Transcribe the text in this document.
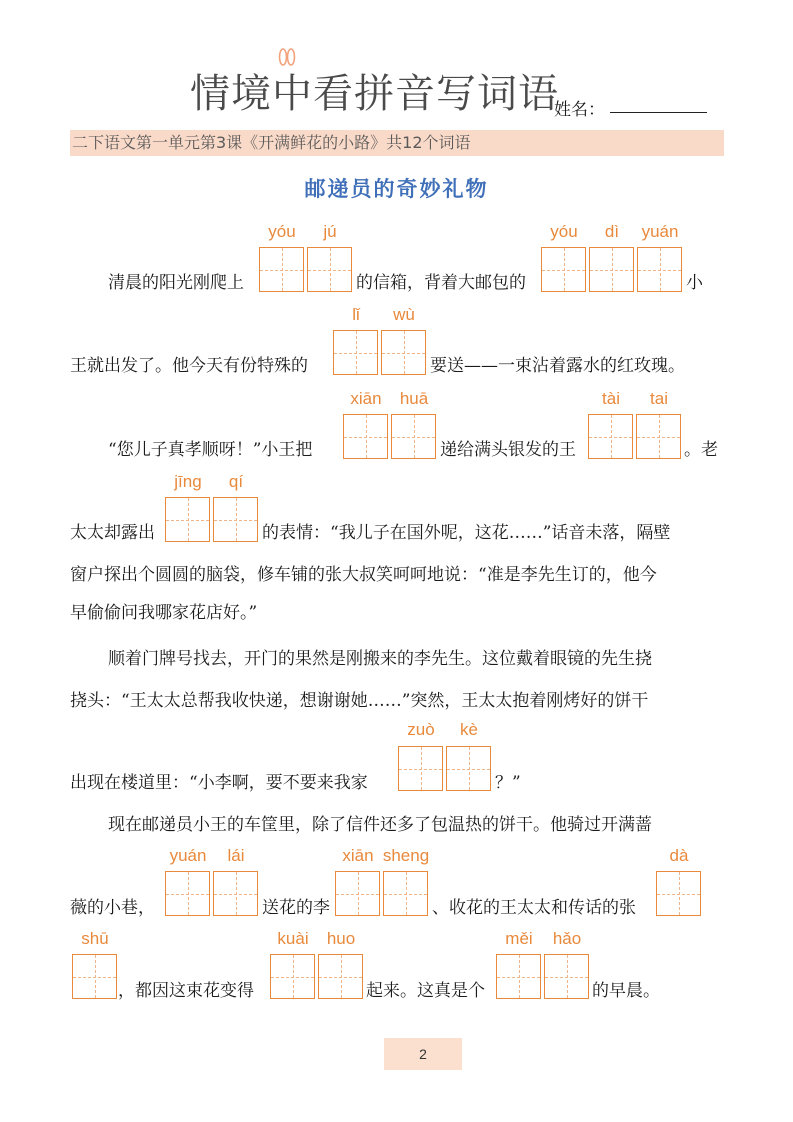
情境中看拼音写词语
姓名：
二下语文第一单元第3课《开满鲜花的小路》共12个词语
邮递员的奇妙礼物
清晨的阳光刚爬上
yóu	jú
的信箱，背着大邮包的
yóu	dì	yuán
小
王就出发了。他今天有份特殊的
lǐ	wù
要送——一束沾着露水的红玫瑰。
“您儿子真孝顺呀！”小王把
xiān	huā
递给满头银发的王
tài	tai
。老
太太却露出
jīng	qí
的表情：“我儿子在国外呢，这花……”话音未落，隔壁
窗户探出个圆圆的脑袋，修车铺的张大叔笑呵呵地说：“准是李先生订的，他今
早偷偷问我哪家花店好。”
顺着门牌号找去，开门的果然是刚搬来的李先生。这位戴着眼镜的先生挠
挠头：“王太太总帮我收快递，想谢谢她……”突然，王太太抱着刚烤好的饼干
出现在楼道里：“小李啊，要不要来我家
zuò	kè
？”
现在邮递员小王的车筐里，除了信件还多了包温热的饼干。他骑过开满蔷
薇的小巷，
yuán	lái
送花的李
xiān sheng
、收花的王太太和传话的张
dà
shū
，都因这束花变得
kuài	huo
起来。这真是个
měi	hǎo
的早晨。
2
